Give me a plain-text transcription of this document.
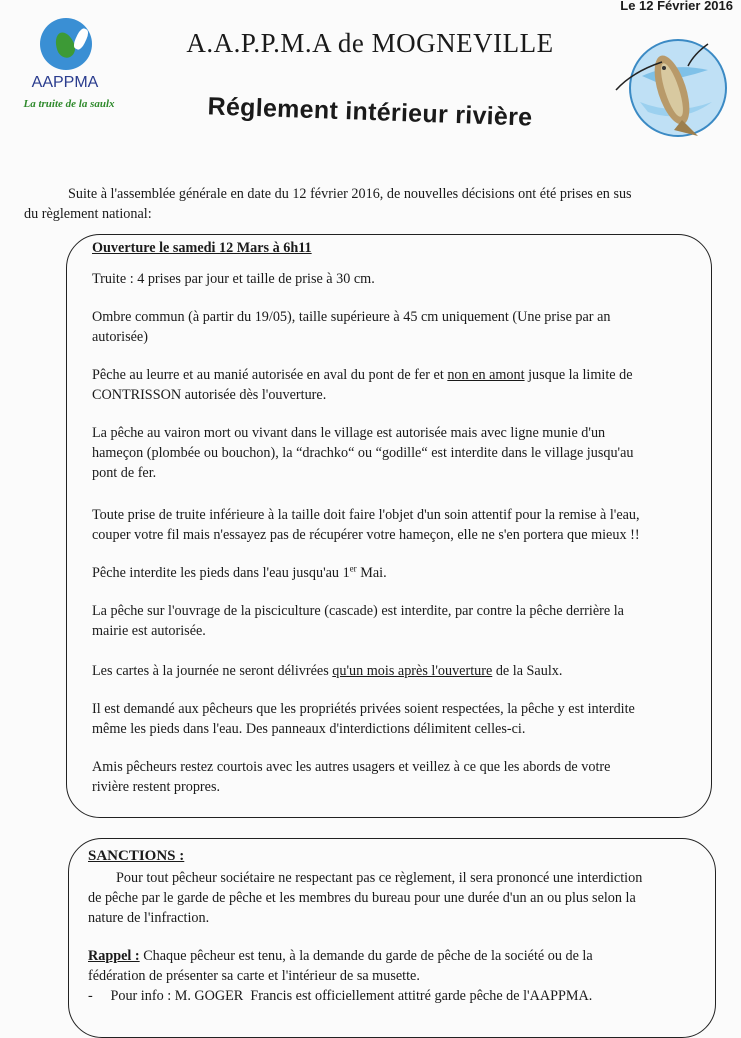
Le 12 Février 2016
AAPPMA
La truite de la saulx
A.A.P.P.M.A de MOGNEVILLE
Réglement intérieur rivière
Suite à l'assemblée générale en date du 12 février 2016, de nouvelles décisions ont été prises en sus
du règlement national:

Ouverture le samedi 12 Mars à 6h11

Truite : 4 prises par jour et taille de prise à 30 cm.

Ombre commun (à partir du 19/05), taille supérieure à 45 cm uniquement (Une prise par an
autorisée)

Pêche au leurre et au manié autorisée en aval du pont de fer et non en amont jusque la limite de
CONTRISSON autorisée dès l'ouverture.

La pêche au vairon mort ou vivant dans le village est autorisée mais avec ligne munie d'un
hameçon (plombée ou bouchon), la “drachko“ ou “godille“ est interdite dans le village jusqu'au
pont de fer.

Toute prise de truite inférieure à la taille doit faire l'objet d'un soin attentif pour la remise à l'eau,
couper votre fil mais n'essayez pas de récupérer votre hameçon, elle ne s'en portera que mieux !!

Pêche interdite les pieds dans l'eau jusqu'au 1er Mai.

La pêche sur l'ouvrage de la pisciculture (cascade) est interdite, par contre la pêche derrière la
mairie est autorisée.

Les cartes à la journée ne seront délivrées qu'un mois après l'ouverture de la Saulx.

Il est demandé aux pêcheurs que les propriétés privées soient respectées, la pêche y est interdite
même les pieds dans l'eau. Des panneaux d'interdictions délimitent celles-ci.

Amis pêcheurs restez courtois avec les autres usagers et veillez à ce que les abords de votre
rivière restent propres.

SANCTIONS :

Pour tout pêcheur sociétaire ne respectant pas ce règlement, il sera prononcé une interdiction
de pêche par le garde de pêche et les membres du bureau pour une durée d'un an ou plus selon la
nature de l'infraction.

Rappel : Chaque pêcheur est tenu, à la demande du garde de pêche de la société ou de la
fédération de présenter sa carte et l'intérieur de sa musette.
-     Pour info : M. GOGER  Francis est officiellement attitré garde pêche de l'AAPPMA.
